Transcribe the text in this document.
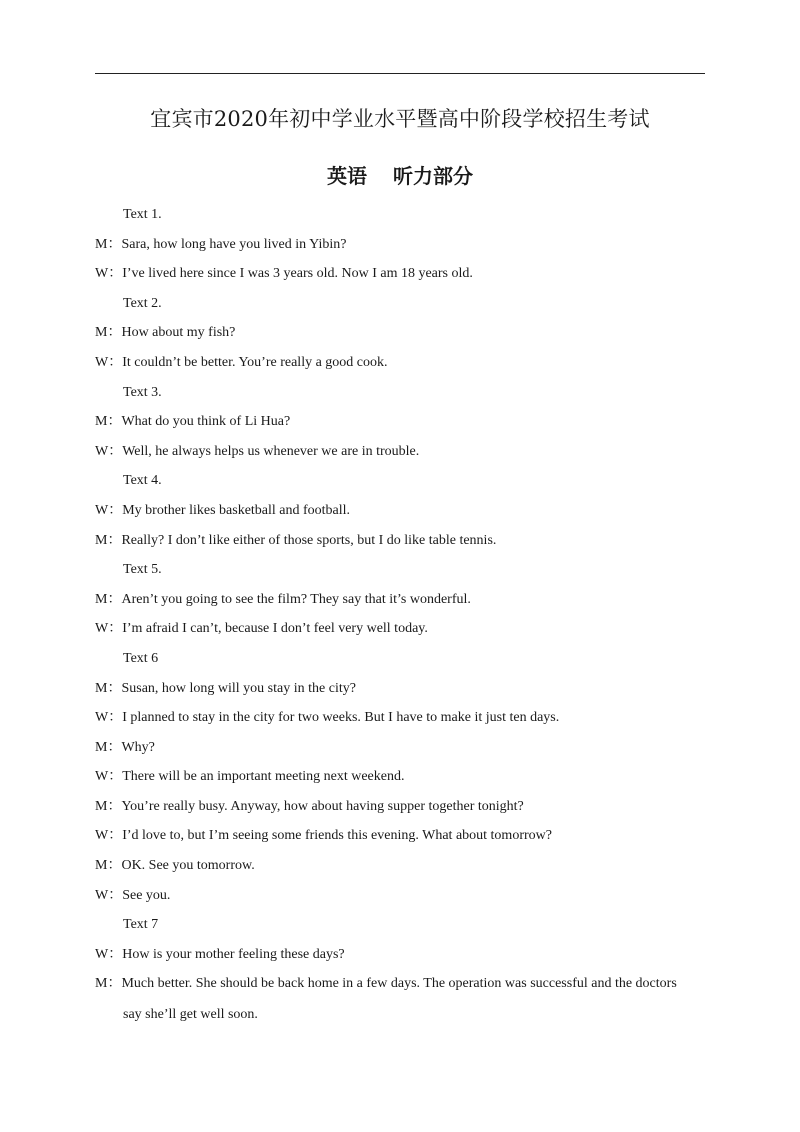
宜宾市2020年初中学业水平暨高中阶段学校招生考试
英语 听力部分
Text 1.
M：Sara, how long have you lived in Yibin?
W：I’ve lived here since I was 3 years old. Now I am 18 years old.
Text 2.
M：How about my fish?
W：It couldn’t be better. You’re really a good cook.
Text 3.
M：What do you think of Li Hua?
W：Well, he always helps us whenever we are in trouble.
Text 4.
W：My brother likes basketball and football.
M：Really? I don’t like either of those sports, but I do like table tennis.
Text 5.
M：Aren’t you going to see the film? They say that it’s wonderful.
W：I’m afraid I can’t, because I don’t feel very well today.
Text 6
M：Susan, how long will you stay in the city?
W：I planned to stay in the city for two weeks. But I have to make it just ten days.
M：Why?
W：There will be an important meeting next weekend.
M：You’re really busy. Anyway, how about having supper together tonight?
W：I’d love to, but I’m seeing some friends this evening. What about tomorrow?
M：OK. See you tomorrow.
W：See you.
Text 7
W：How is your mother feeling these days?
M：Much better. She should be back home in a few days. The operation was successful and the doctors
say she’ll get well soon.
